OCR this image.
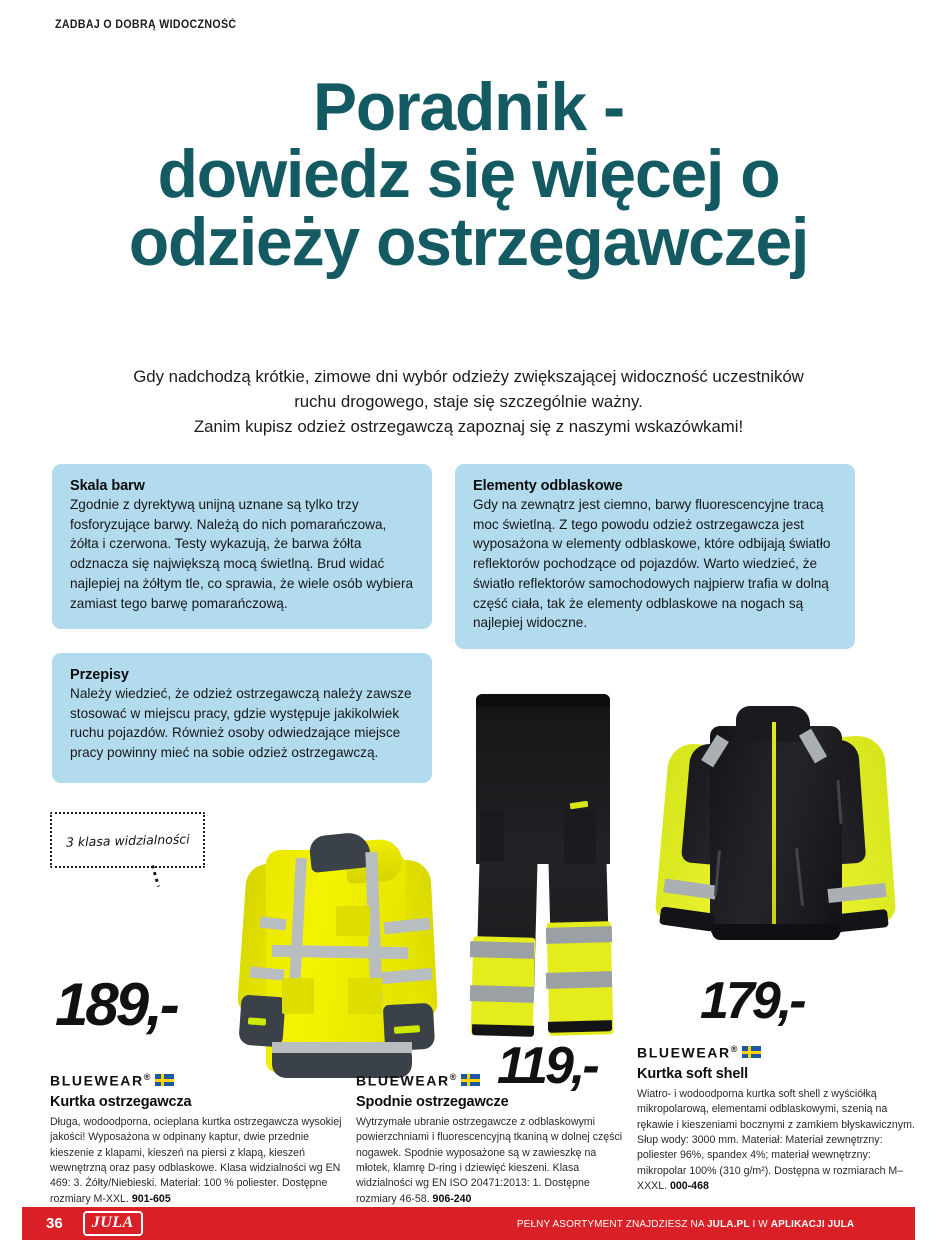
ZADBAJ O DOBRĄ WIDOCZNOŚĆ
Poradnik -
dowiedz się więcej o
odzieży ostrzegawczej
Gdy nadchodzą krótkie, zimowe dni wybór odzieży zwiększającej widoczność uczestników
ruchu drogowego, staje się szczególnie ważny.
Zanim kupisz odzież ostrzegawczą zapoznaj się z naszymi wskazówkami!
Skala barw
Zgodnie z dyrektywą unijną uznane są tylko trzy fosforyzujące barwy. Należą do nich pomarańczowa, żółta i czerwona. Testy wykazują, że barwa żółta odznacza się największą mocą świetlną. Brud widać najlepiej na żółtym tle, co sprawia, że wiele osób wybiera zamiast tego barwę pomarańczową.
Elementy odblaskowe
Gdy na zewnątrz jest ciemno, barwy fluorescencyjne tracą moc świetlną. Z tego powodu odzież ostrzegawcza jest wyposażona w elementy odblaskowe, które odbijają światło reflektorów pochodzące od pojazdów. Warto wiedzieć, że światło reflektorów samochodowych najpierw trafia w dolną część ciała, tak że elementy odblaskowe na nogach są najlepiej widoczne.
Przepisy
Należy wiedzieć, że odzież ostrzegawczą należy zawsze stosować w miejscu pracy, gdzie występuje jakikolwiek ruchu pojazdów. Również osoby odwiedzające miejsce pracy powinny mieć na sobie odzież ostrzegawczą.
3 klasa widzialności
189,-
119,-
179,-
BLUEWEAR®
Kurtka ostrzegawcza
Długa, wodoodporna, ocieplana kurtka ostrzegawcza wysokiej jakości! Wyposażona w odpinany kaptur, dwie przednie kieszenie z klapami, kieszeń na piersi z klapą, kieszeń wewnętrzną oraz pasy odblaskowe. Klasa widzialności wg EN 469: 3. Żółty/Niebieski. Materiał: 100 % poliester. Dostępne rozmiary M-XXL. 901-605
BLUEWEAR®
Spodnie ostrzegawcze
Wytrzymałe ubranie ostrzegawcze z odblaskowymi powierzchniami i fluorescencyjną tkaniną w dolnej części nogawek. Spodnie wyposażone są w zawieszkę na młotek, klamrę D-ring i dziewięć kieszeni. Klasa widzialności wg EN ISO 20471:2013: 1. Dostępne rozmiary 46-58. 906-240
BLUEWEAR®
Kurtka soft shell
Wiatro- i wodoodporna kurtka soft shell z wyściółką mikropolarową, elementami odblaskowymi, szenią na rękawie i kieszeniami bocznymi z zamkiem błyskawicznym. Słup wody: 3000 mm. Materiał: Materiał zewnętrzny: poliester 96%, spandex 4%; materiał wewnętrzny: mikropolar 100% (310 g/m²). Dostępna w rozmiarach M–XXXL. 000-468
36	JULA	PEŁNY ASORTYMENT ZNAJDZIESZ NA JULA.PL I W APLIKACJI JULA
